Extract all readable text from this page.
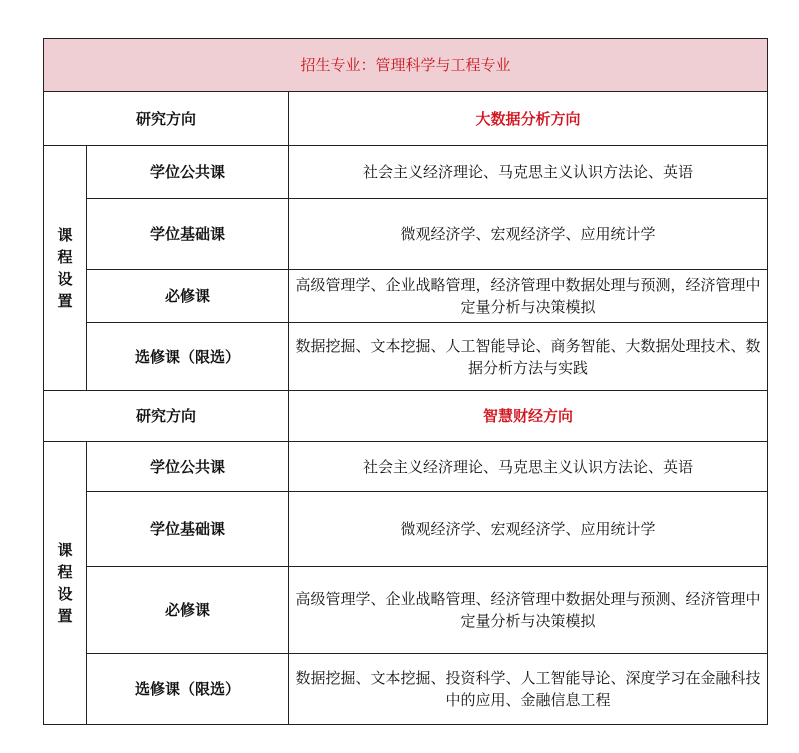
招生专业：管理科学与工程专业		
研究方向		大数据分析方向
课程设置	学位公共课	社会主义经济理论、马克思主义认识方法论、英语
	学位基础课	微观经济学、宏观经济学、应用统计学
	必修课	高级管理学、企业战略管理，经济管理中数据处理与预测，经济管理中定量分析与决策模拟
	选修课（限选）	数据挖掘、文本挖掘、人工智能导论、商务智能、大数据处理技术、数据分析方法与实践
研究方向		智慧财经方向
课程设置	学位公共课	社会主义经济理论、马克思主义认识方法论、英语
	学位基础课	微观经济学、宏观经济学、应用统计学
	必修课	高级管理学、企业战略管理、经济管理中数据处理与预测、经济管理中定量分析与决策模拟
	选修课（限选）	数据挖掘、文本挖掘、投资科学、人工智能导论、深度学习在金融科技中的应用、金融信息工程
